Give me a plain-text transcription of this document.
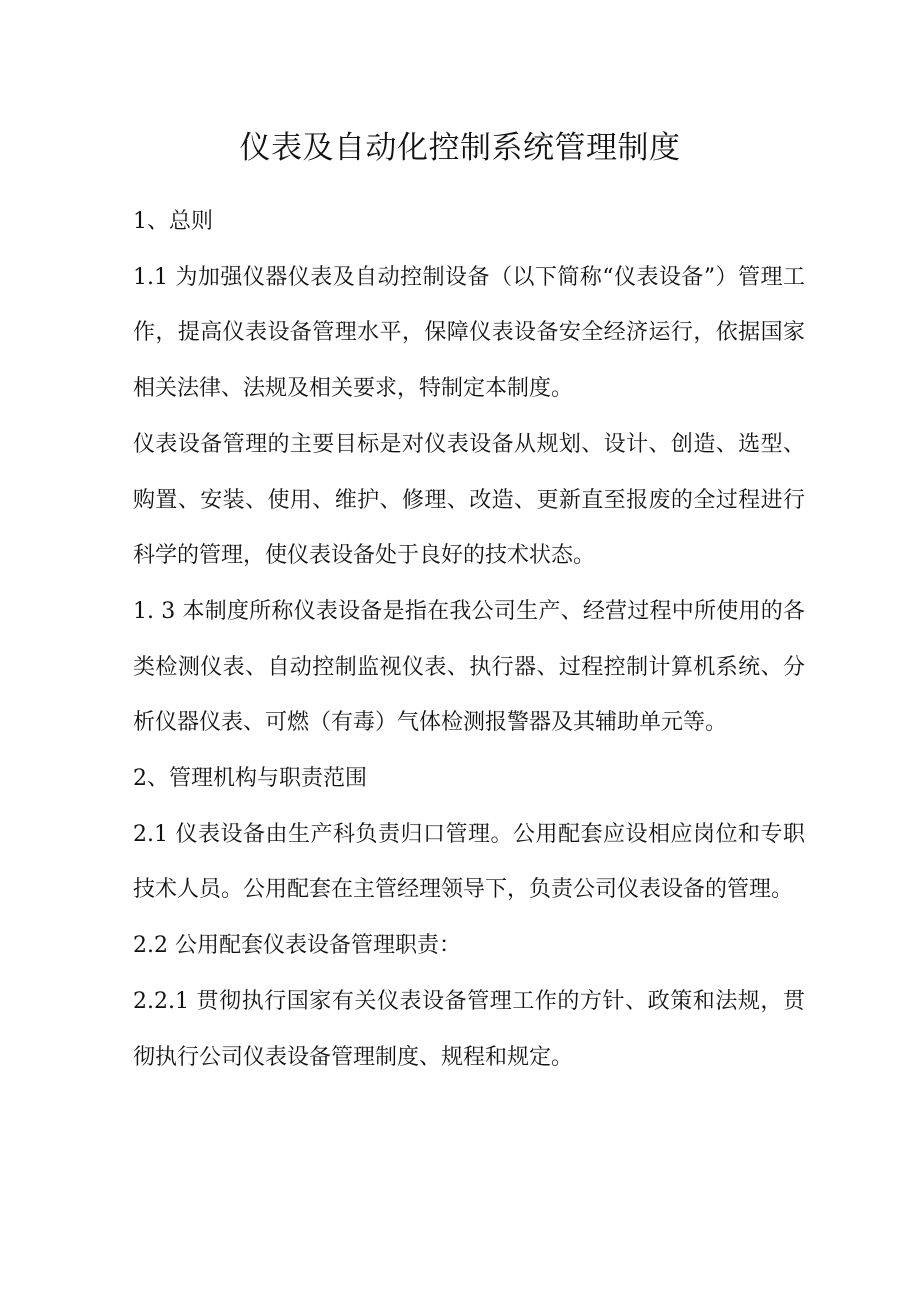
仪表及自动化控制系统管理制度

1、总则

1.1 为加强仪器仪表及自动控制设备（以下简称“仪表设备”）管理工作，提高仪表设备管理水平，保障仪表设备安全经济运行，依据国家相关法律、法规及相关要求，特制定本制度。

仪表设备管理的主要目标是对仪表设备从规划、设计、创造、选型、购置、安装、使用、维护、修理、改造、更新直至报废的全过程进行科学的管理，使仪表设备处于良好的技术状态。

1. 3 本制度所称仪表设备是指在我公司生产、经营过程中所使用的各类检测仪表、自动控制监视仪表、执行器、过程控制计算机系统、分析仪器仪表、可燃（有毒）气体检测报警器及其辅助单元等。

2、管理机构与职责范围

2.1 仪表设备由生产科负责归口管理。公用配套应设相应岗位和专职技术人员。公用配套在主管经理领导下，负责公司仪表设备的管理。

2.2 公用配套仪表设备管理职责：

2.2.1 贯彻执行国家有关仪表设备管理工作的方针、政策和法规，贯彻执行公司仪表设备管理制度、规程和规定。
